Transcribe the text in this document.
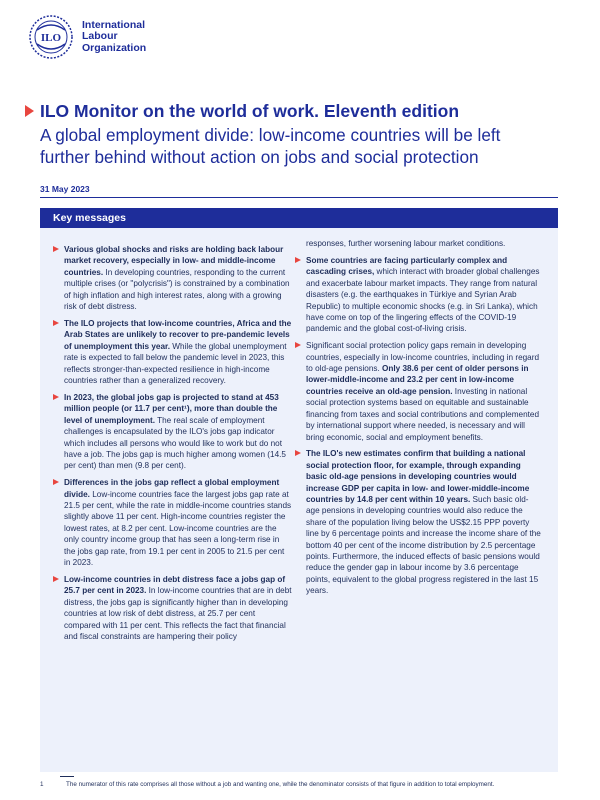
ILO
International
Labour
Organization
ILO Monitor on the world of work. Eleventh edition
A global employment divide: low-income countries will be left
further behind without action on jobs and social protection
31 May 2023
Key messages
Various global shocks and risks are holding back labour market recovery, especially in low- and middle-income countries. In developing countries, responding to the current multiple crises (or "polycrisis") is constrained by a combination of high inflation and high interest rates, along with a growing risk of debt distress.
The ILO projects that low-income countries, Africa and the Arab States are unlikely to recover to pre-pandemic levels of unemployment this year. While the global unemployment rate is expected to fall below the pandemic level in 2023, this reflects stronger-than-expected resilience in high-income countries rather than a generalized recovery.
In 2023, the global jobs gap is projected to stand at 453 million people (or 11.7 per cent¹), more than double the level of unemployment. The real scale of employment challenges is encapsulated by the ILO's jobs gap indicator which includes all persons who would like to work but do not have a job. The jobs gap is much higher among women (14.5 per cent) than men (9.8 per cent).
Differences in the jobs gap reflect a global employment divide. Low-income countries face the largest jobs gap rate at 21.5 per cent, while the rate in middle-income countries stands slightly above 11 per cent. High-income countries register the lowest rates, at 8.2 per cent. Low-income countries are the only country income group that has seen a long-term rise in the jobs gap rate, from 19.1 per cent in 2005 to 21.5 per cent in 2023.
Low-income countries in debt distress face a jobs gap of 25.7 per cent in 2023. In low-income countries that are in debt distress, the jobs gap is significantly higher than in developing countries at low risk of debt distress, at 25.7 per cent compared with 11 per cent. This reflects the fact that financial and fiscal constraints are hampering their policy
responses, further worsening labour market conditions.
Some countries are facing particularly complex and cascading crises, which interact with broader global challenges and exacerbate labour market impacts. They range from natural disasters (e.g. the earthquakes in Türkiye and Syrian Arab Republic) to multiple economic shocks (e.g. in Sri Lanka), which have come on top of the lingering effects of the COVID-19 pandemic and the global cost-of-living crisis.
Significant social protection policy gaps remain in developing countries, especially in low-income countries, including in regard to old-age pensions. Only 38.6 per cent of older persons in lower-middle-income and 23.2 per cent in low-income countries receive an old-age pension. Investing in national social protection systems based on equitable and sustainable financing from taxes and social contributions and complemented by international support where needed, is necessary and will bring economic, social and employment benefits.
The ILO's new estimates confirm that building a national social protection floor, for example, through expanding basic old-age pensions in developing countries would increase GDP per capita in low- and lower-middle-income countries by 14.8 per cent within 10 years. Such basic old-age pensions in developing countries would also reduce the share of the population living below the US$2.15 PPP poverty line by 6 percentage points and increase the income share of the bottom 40 per cent of the income distribution by 2.5 percentage points. Furthermore, the induced effects of basic pensions would reduce the gender gap in labour income by 3.6 percentage points, equivalent to the global progress registered in the last 15 years.
1	The numerator of this rate comprises all those without a job and wanting one, while the denominator consists of that figure in addition to total employment.
